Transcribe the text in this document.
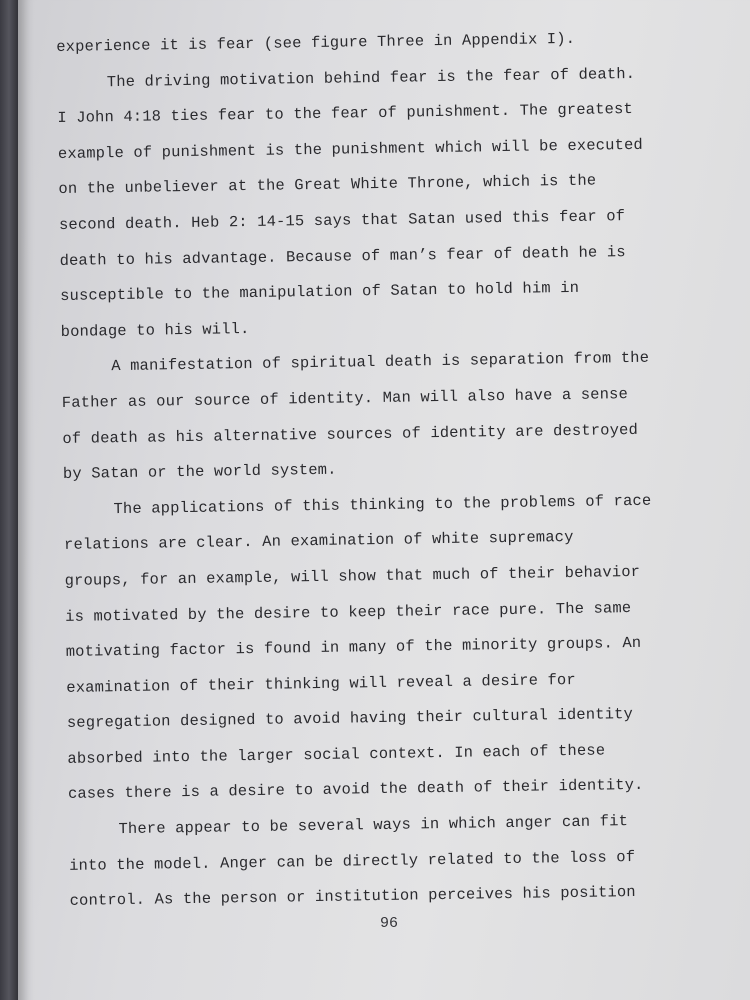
experience it is fear (see figure Three in Appendix I).
The driving motivation behind fear is the fear of death.
I John 4:18 ties fear to the fear of punishment. The greatest
example of punishment is the punishment which will be executed
on the unbeliever at the Great White Throne, which is the
second death. Heb 2: 14-15 says that Satan used this fear of
death to his advantage. Because of man’s fear of death he is
susceptible to the manipulation of Satan to hold him in
bondage to his will.
A manifestation of spiritual death is separation from the
Father as our source of identity. Man will also have a sense
of death as his alternative sources of identity are destroyed
by Satan or the world system.
The applications of this thinking to the problems of race
relations are clear. An examination of white supremacy
groups, for an example, will show that much of their behavior
is motivated by the desire to keep their race pure. The same
motivating factor is found in many of the minority groups. An
examination of their thinking will reveal a desire for
segregation designed to avoid having their cultural identity
absorbed into the larger social context. In each of these
cases there is a desire to avoid the death of their identity.
There appear to be several ways in which anger can fit
into the model. Anger can be directly related to the loss of
control. As the person or institution perceives his position
96
